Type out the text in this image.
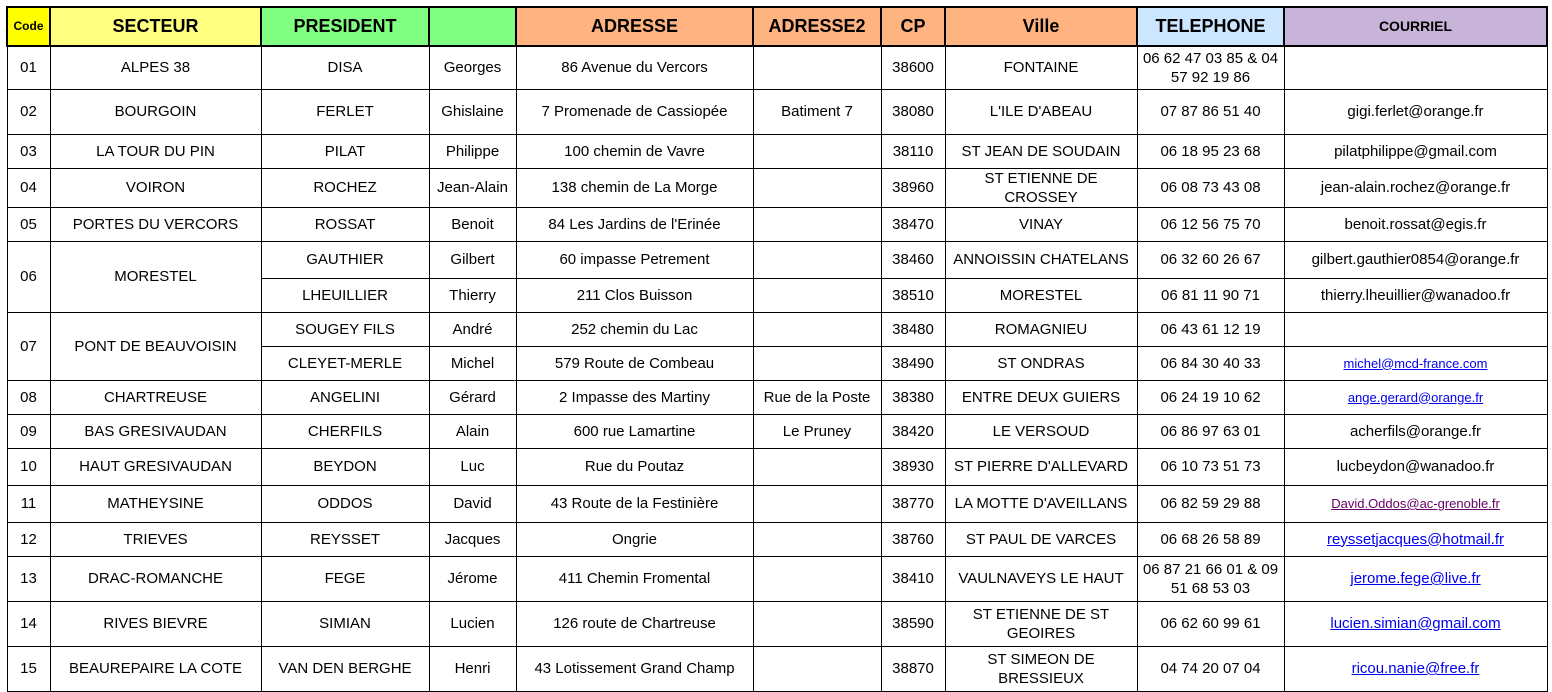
Code	SECTEUR	PRESIDENT		ADRESSE	ADRESSE2	CP	Ville	TELEPHONE	COURRIEL
01	ALPES 38	DISA	Georges	86 Avenue du Vercors		38600	FONTAINE	06 62 47 03 85 & 04 57 92 19 86	
02	BOURGOIN	FERLET	Ghislaine	7 Promenade de Cassiopée	Batiment 7	38080	L'ILE D'ABEAU	07 87 86 51 40	gigi.ferlet@orange.fr
03	LA TOUR DU PIN	PILAT	Philippe	100 chemin de Vavre		38110	ST JEAN DE SOUDAIN	06 18 95 23 68	pilatphilippe@gmail.com
04	VOIRON	ROCHEZ	Jean-Alain	138 chemin de La Morge		38960	ST ETIENNE DE CROSSEY	06 08 73 43 08	jean-alain.rochez@orange.fr
05	PORTES DU VERCORS	ROSSAT	Benoit	84 Les Jardins de l'Erinée		38470	VINAY	06 12 56 75 70	benoit.rossat@egis.fr
06	MORESTEL	GAUTHIER	Gilbert	60 impasse Petrement		38460	ANNOISSIN CHATELANS	06 32 60 26 67	gilbert.gauthier0854@orange.fr
		LHEUILLIER	Thierry	211 Clos Buisson		38510	MORESTEL	06 81 11 90 71	thierry.lheuillier@wanadoo.fr
07	PONT DE BEAUVOISIN	SOUGEY FILS	André	252 chemin du Lac		38480	ROMAGNIEU	06 43 61 12 19	
		CLEYET-MERLE	Michel	579 Route de Combeau		38490	ST ONDRAS	06 84 30 40 33	michel@mcd-france.com
08	CHARTREUSE	ANGELINI	Gérard	2 Impasse des Martiny	Rue de la Poste	38380	ENTRE DEUX GUIERS	06 24 19 10 62	ange.gerard@orange.fr
09	BAS GRESIVAUDAN	CHERFILS	Alain	600 rue Lamartine	Le Pruney	38420	LE VERSOUD	06 86 97 63 01	acherfils@orange.fr
10	HAUT GRESIVAUDAN	BEYDON	Luc	Rue du Poutaz		38930	ST PIERRE D'ALLEVARD	06 10 73 51 73	lucbeydon@wanadoo.fr
11	MATHEYSINE	ODDOS	David	43 Route de la Festinière		38770	LA MOTTE D'AVEILLANS	06 82 59 29 88	David.Oddos@ac-grenoble.fr
12	TRIEVES	REYSSET	Jacques	Ongrie		38760	ST PAUL DE VARCES	06 68 26 58 89	reyssetjacques@hotmail.fr
13	DRAC-ROMANCHE	FEGE	Jérome	411 Chemin Fromental		38410	VAULNAVEYS LE HAUT	06 87 21 66 01 & 09 51 68 53 03	jerome.fege@live.fr
14	RIVES BIEVRE	SIMIAN	Lucien	126 route de Chartreuse		38590	ST ETIENNE DE ST GEOIRES	06 62 60 99 61	lucien.simian@gmail.com
15	BEAUREPAIRE LA COTE	VAN DEN BERGHE	Henri	43 Lotissement Grand Champ		38870	ST SIMEON DE BRESSIEUX	04 74 20 07 04	ricou.nanie@free.fr
